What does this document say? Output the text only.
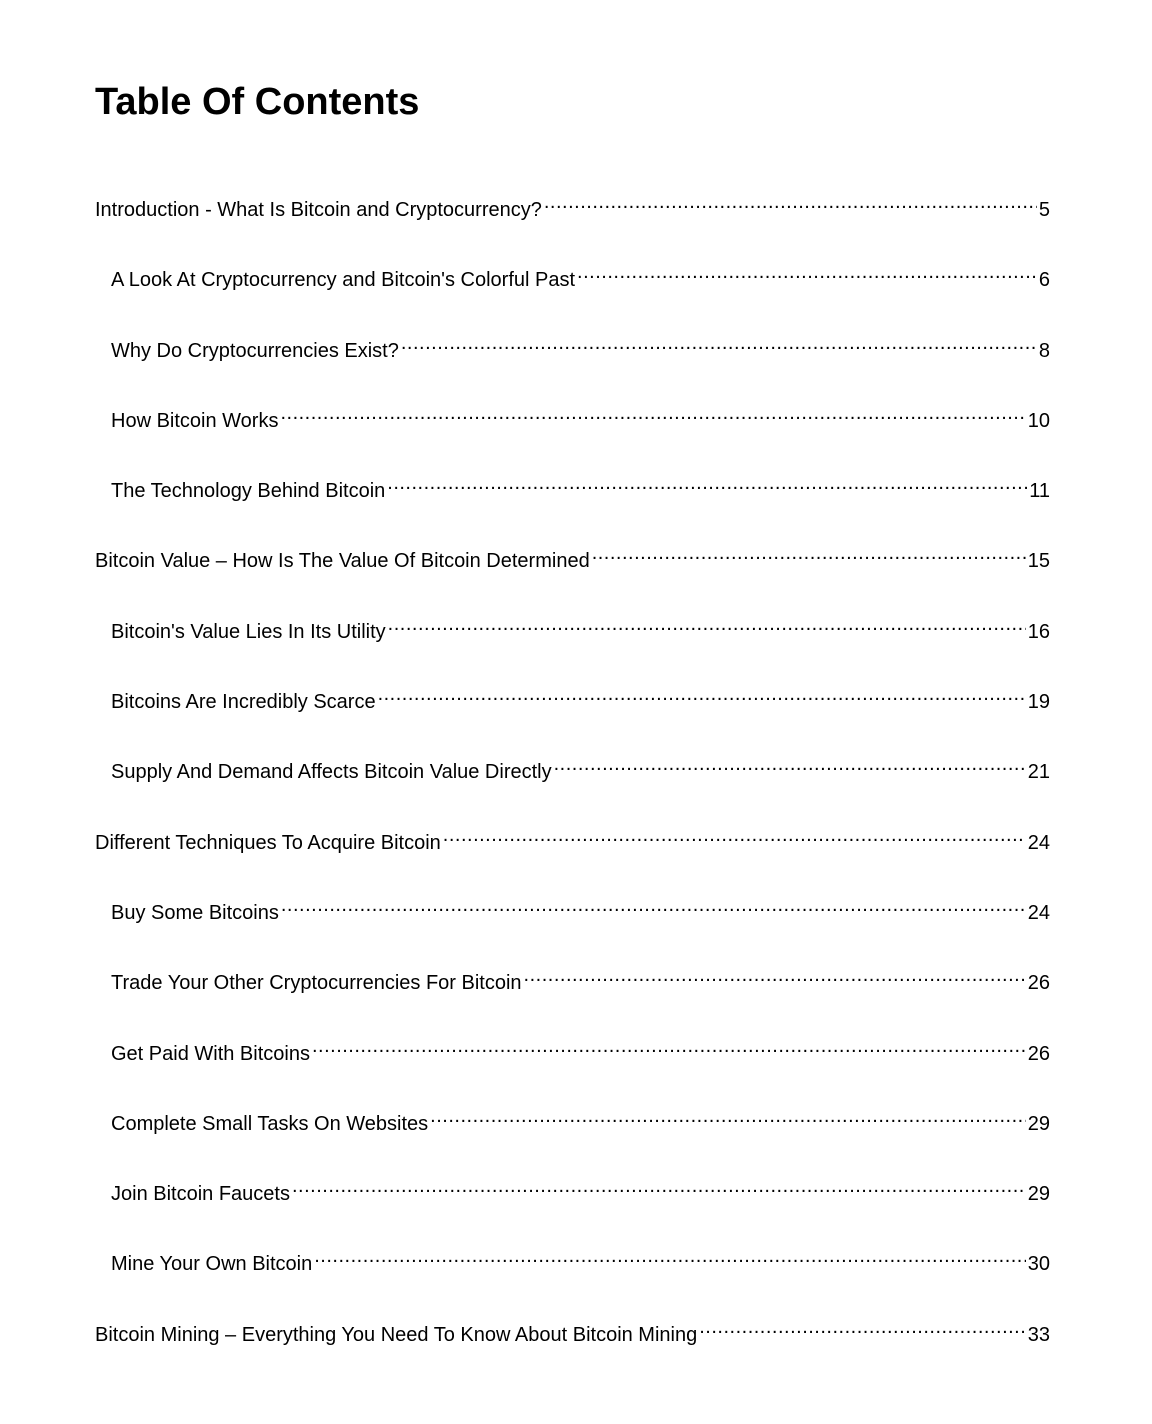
Table Of Contents
Introduction - What Is Bitcoin and Cryptocurrency? .....	5
A Look At Cryptocurrency and Bitcoin's Colorful Past .....	6
Why Do Cryptocurrencies Exist? .....	8
How Bitcoin Works .....	10
The Technology Behind Bitcoin .....	11
Bitcoin Value – How Is The Value Of Bitcoin Determined .....	15
Bitcoin's Value Lies In Its Utility .....	16
Bitcoins Are Incredibly Scarce .....	19
Supply And Demand Affects Bitcoin Value Directly .....	21
Different Techniques To Acquire Bitcoin .....	24
Buy Some Bitcoins .....	24
Trade Your Other Cryptocurrencies For Bitcoin .....	26
Get Paid With Bitcoins .....	26
Complete Small Tasks On Websites .....	29
Join Bitcoin Faucets .....	29
Mine Your Own Bitcoin .....	30
Bitcoin Mining – Everything You Need To Know About Bitcoin Mining .....	33
